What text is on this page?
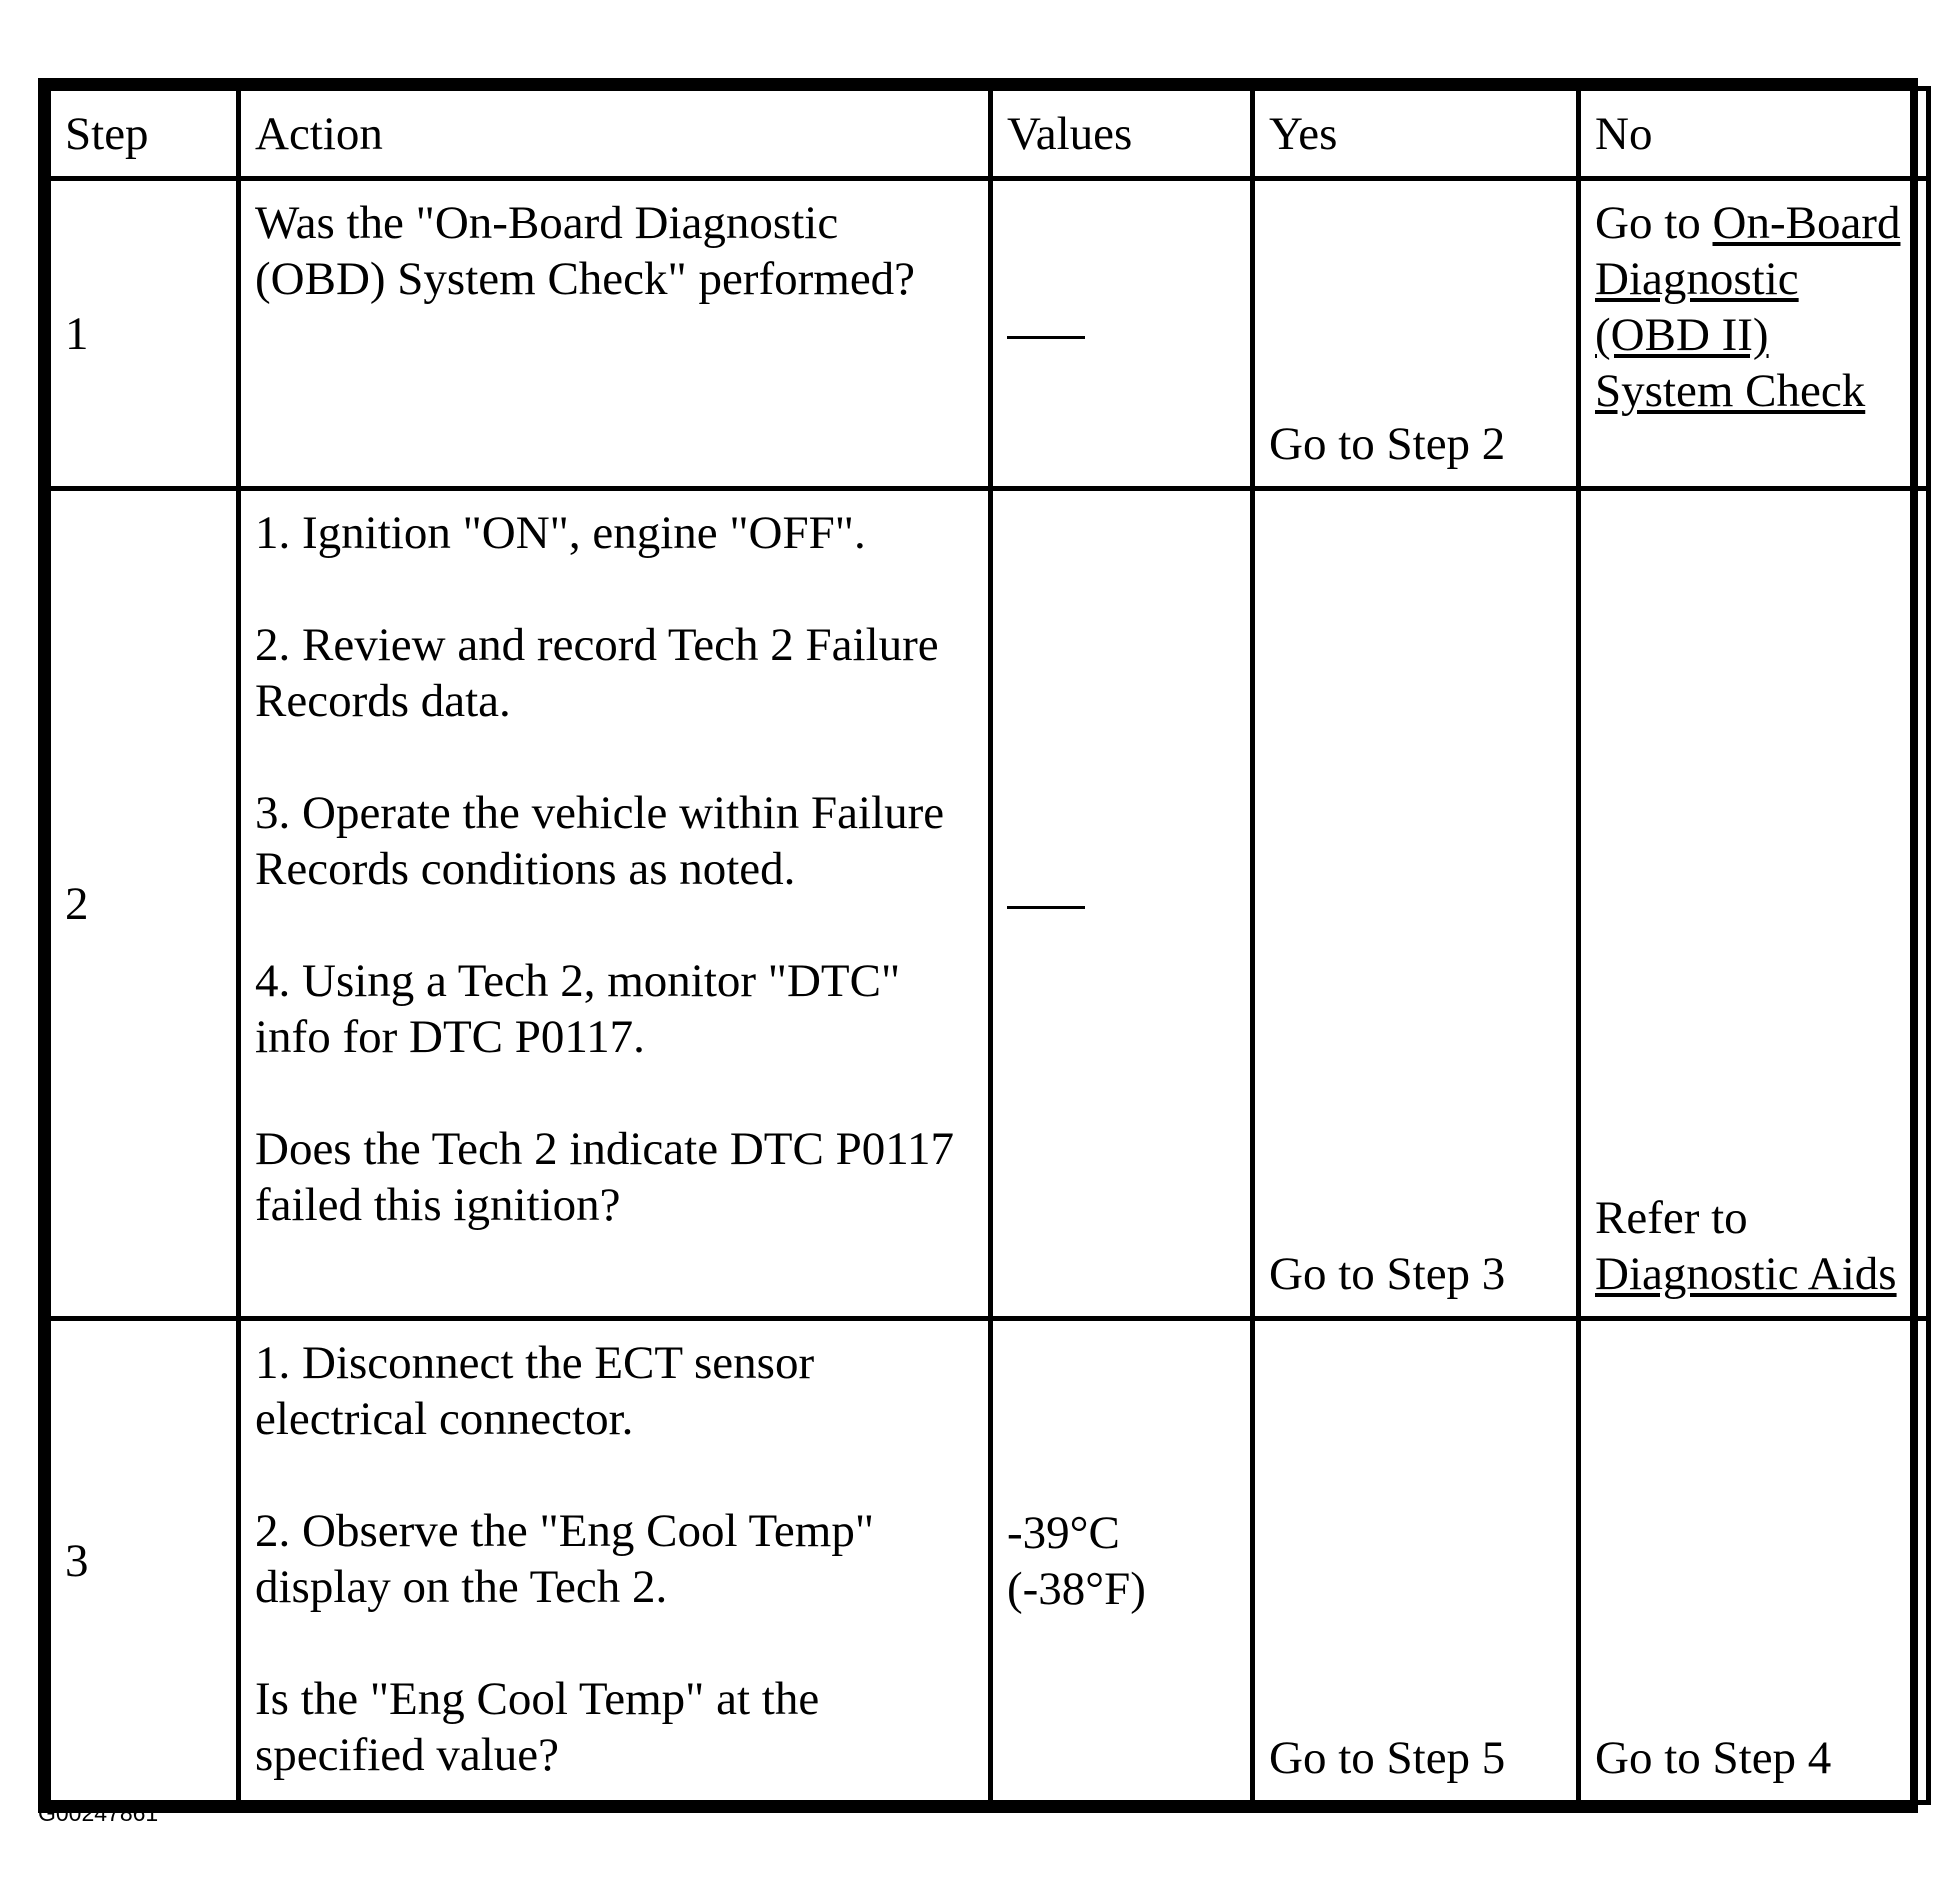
Step	Action	Values	Yes	No
1	Was the "On-Board Diagnostic (OBD) System Check" performed?		Go to Step 2	Go to On-Board Diagnostic (OBD II) System Check
2	1. Ignition "ON", engine "OFF".
2. Review and record Tech 2 Failure Records data.
3. Operate the vehicle within Failure Records conditions as noted.
4. Using a Tech 2, monitor "DTC" info for DTC P0117.
Does the Tech 2 indicate DTC P0117 failed this ignition?		Go to Step 3	Refer to
Diagnostic Aids
3	1. Disconnect the ECT sensor electrical connector.
2. Observe the "Eng Cool Temp" display on the Tech 2.
Is the "Eng Cool Temp" at the specified value?	-39°C (-38°F)	Go to Step 5	Go to Step 4
G00247861
